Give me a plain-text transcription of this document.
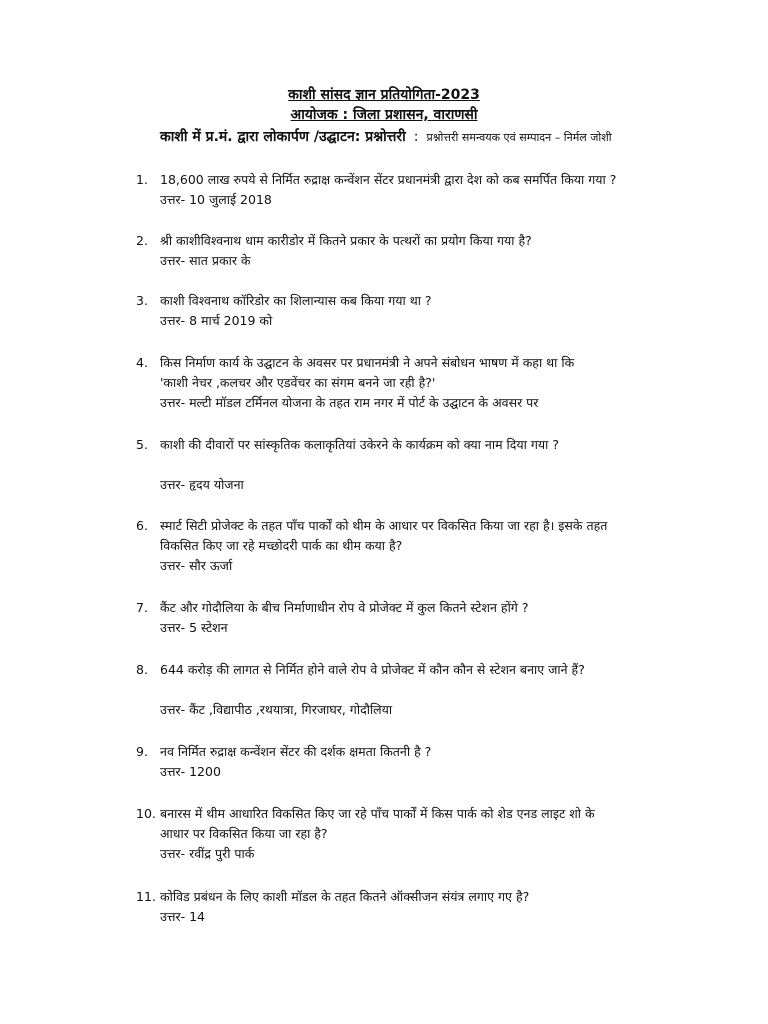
काशी सांसद ज्ञान प्रतियोगिता-2023
आयोजक : जिला प्रशासन, वाराणसी
काशी में प्र.मं. द्वारा लोकार्पण /उद्घाटन: प्रश्नोत्तरी : प्रश्नोत्तरी समन्वयक एवं सम्पादन – निर्मल जोशी
1. 18,600 लाख रुपये से निर्मित रुद्राक्ष कन्वेंशन सेंटर प्रधानमंत्री द्वारा देश को कब समर्पित किया गया ?
उत्तर- 10 जुलाई 2018
2. श्री काशीविश्वनाथ धाम कारीडोर में कितने प्रकार के पत्थरों का प्रयोग किया गया है?
उत्तर- सात प्रकार के
3. काशी विश्वनाथ कॉरिडोर का शिलान्यास कब किया गया था ?
उत्तर- 8 मार्च 2019 को
4. किस निर्माण कार्य के उद्घाटन के अवसर पर प्रधानमंत्री ने अपने संबोधन भाषण में कहा था कि
'काशी नेचर ,कलचर और एडवेंचर का संगम बनने जा रही है?'
उत्तर- मल्टी मॉडल टर्मिनल योजना के तहत राम नगर में पोर्ट के उद्घाटन के अवसर पर
5. काशी की दीवारों पर सांस्कृतिक कलाकृतियां उकेरने के कार्यक्रम को क्या नाम दिया गया ?
उत्तर- हृदय योजना
6. स्मार्ट सिटी प्रोजेक्ट के तहत पाँच पार्कों को थीम के आधार पर विकसित किया जा रहा है। इसके तहत
विकसित किए जा रहे मच्छोदरी पार्क का थीम कया है?
उत्तर- सौर ऊर्जा
7. कैंट और गोदौलिया के बीच निर्माणाधीन रोप वे प्रोजेक्ट में कुल कितने स्टेशन होंगे ?
उत्तर- 5 स्टेशन
8. 644 करोड़ की लागत से निर्मित होने वाले रोप वे प्रोजेक्ट में कौन कौन से स्टेशन बनाए जाने हैं?
उत्तर- कैंट ,विद्यापीठ ,रथयात्रा, गिरजाघर, गोदौलिया
9. नव निर्मित रुद्राक्ष कन्वेंशन सेंटर की दर्शक क्षमता कितनी है ?
उत्तर- 1200
10. बनारस में थीम आधारित विकसित किए जा रहे पाँच पार्कों में किस पार्क को शेड एनड लाइट शो के
आधार पर विकसित किया जा रहा है?
उत्तर- रवींद्र पुरी पार्क
11. कोविड प्रबंधन के लिए काशी मॉडल के तहत कितने ऑक्सीजन संयंत्र लगाए गए है?
उत्तर- 14
